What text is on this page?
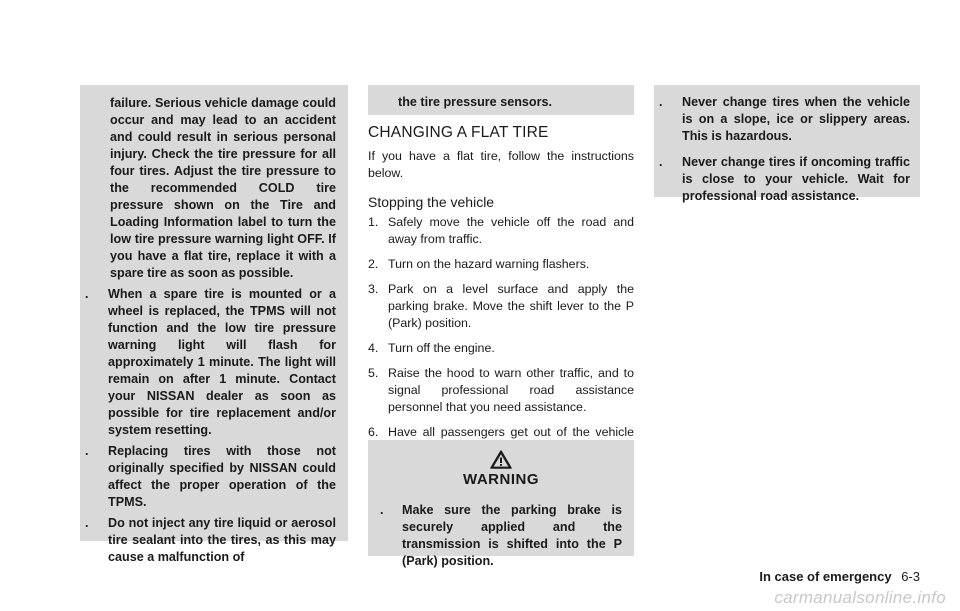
failure. Serious vehicle damage could occur and may lead to an accident and could result in serious personal injury. Check the tire pressure for all four tires. Adjust the tire pressure to the recommended COLD tire pressure shown on the Tire and Loading Information label to turn the low tire pressure warning light OFF. If you have a flat tire, replace it with a spare tire as soon as possible.

. When a spare tire is mounted or a wheel is replaced, the TPMS will not function and the low tire pressure warning light will flash for approximately 1 minute. The light will remain on after 1 minute. Contact your NISSAN dealer as soon as possible for tire replacement and/or system resetting.

. Replacing tires with those not originally specified by NISSAN could affect the proper operation of the TPMS.

. Do not inject any tire liquid or aerosol tire sealant into the tires, as this may cause a malfunction of

the tire pressure sensors.

CHANGING A FLAT TIRE

If you have a flat tire, follow the instructions below.

Stopping the vehicle

1. Safely move the vehicle off the road and away from traffic.

2. Turn on the hazard warning flashers.

3. Park on a level surface and apply the parking brake. Move the shift lever to the P (Park) position.

4. Turn off the engine.

5. Raise the hood to warn other traffic, and to signal professional road assistance personnel that you need assistance.

6. Have all passengers get out of the vehicle

WARNING

. Make sure the parking brake is securely applied and the transmission is shifted into the P (Park) position.

. Never change tires when the vehicle is on a slope, ice or slippery areas. This is hazardous.

. Never change tires if oncoming traffic is close to your vehicle. Wait for professional road assistance.

In case of emergency 6-3
carmanualsonline.info
